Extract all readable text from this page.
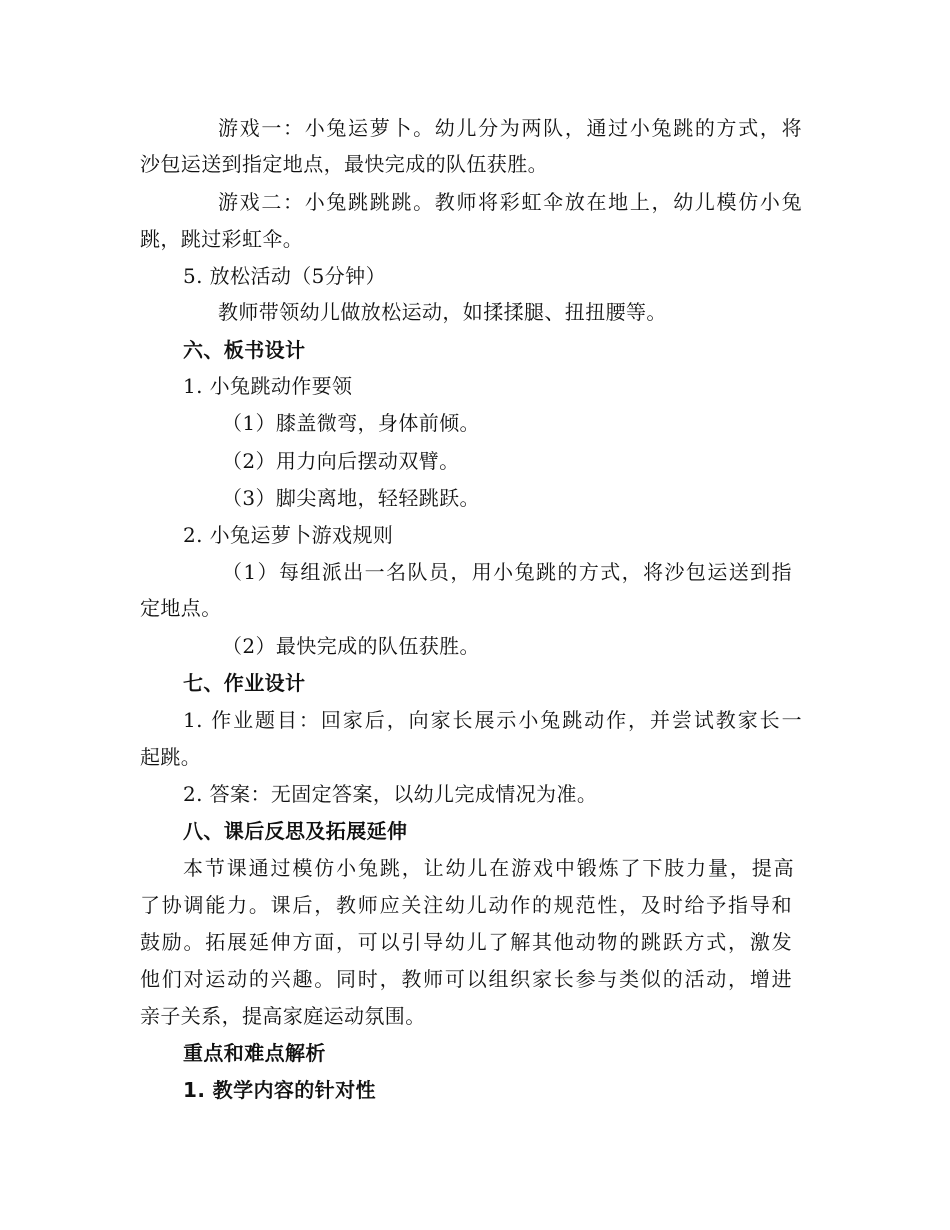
游戏一：小兔运萝卜。幼儿分为两队，通过小兔跳的方式，将
沙包运送到指定地点，最快完成的队伍获胜。
游戏二：小兔跳跳跳。教师将彩虹伞放在地上，幼儿模仿小兔
跳，跳过彩虹伞。
5. 放松活动（5分钟）
教师带领幼儿做放松运动，如揉揉腿、扭扭腰等。
六、板书设计
1. 小兔跳动作要领
（1）膝盖微弯，身体前倾。
（2）用力向后摆动双臂。
（3）脚尖离地，轻轻跳跃。
2. 小兔运萝卜游戏规则
（1）每组派出一名队员，用小兔跳的方式，将沙包运送到指
定地点。
（2）最快完成的队伍获胜。
七、作业设计
1. 作业题目：回家后，向家长展示小兔跳动作，并尝试教家长一
起跳。
2. 答案：无固定答案，以幼儿完成情况为准。
八、课后反思及拓展延伸
本节课通过模仿小兔跳，让幼儿在游戏中锻炼了下肢力量，提高
了协调能力。课后，教师应关注幼儿动作的规范性，及时给予指导和
鼓励。拓展延伸方面，可以引导幼儿了解其他动物的跳跃方式，激发
他们对运动的兴趣。同时，教师可以组织家长参与类似的活动，增进
亲子关系，提高家庭运动氛围。
重点和难点解析
1. 教学内容的针对性
